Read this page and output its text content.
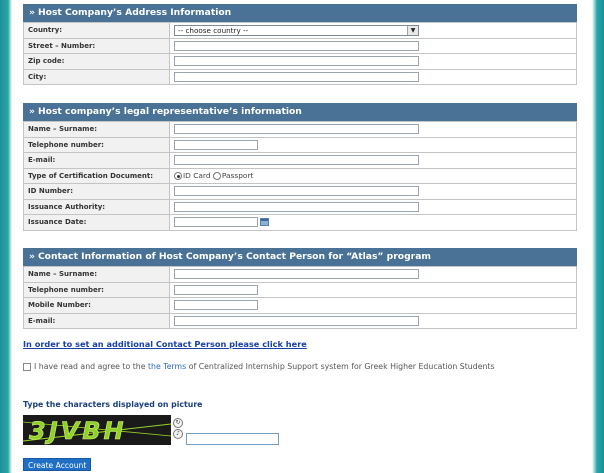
» Host Company’s Address Information
Country:	-- choose country -- ▼

Street – Number:	
Zip code:	
City:	
» Host company’s legal representative’s information
Name – Surname:	
Telephone number:	
E-mail:	
Type of Certification Document:	ID Card Passport
ID Number:	
Issuance Authority:	
Issuance Date:	
» Contact Information of Host Company’s Contact Person for “Atlas” program
Name – Surname:	
Telephone number:	
Mobile Number:	
E-mail:	
In order to set an additional Contact Person please click here
I have read and agree to the the Terms of Centralized Internship Support system for Greek Higher Education Students
Type the characters displayed on picture
3JVBH	↻
♪
Create Account
